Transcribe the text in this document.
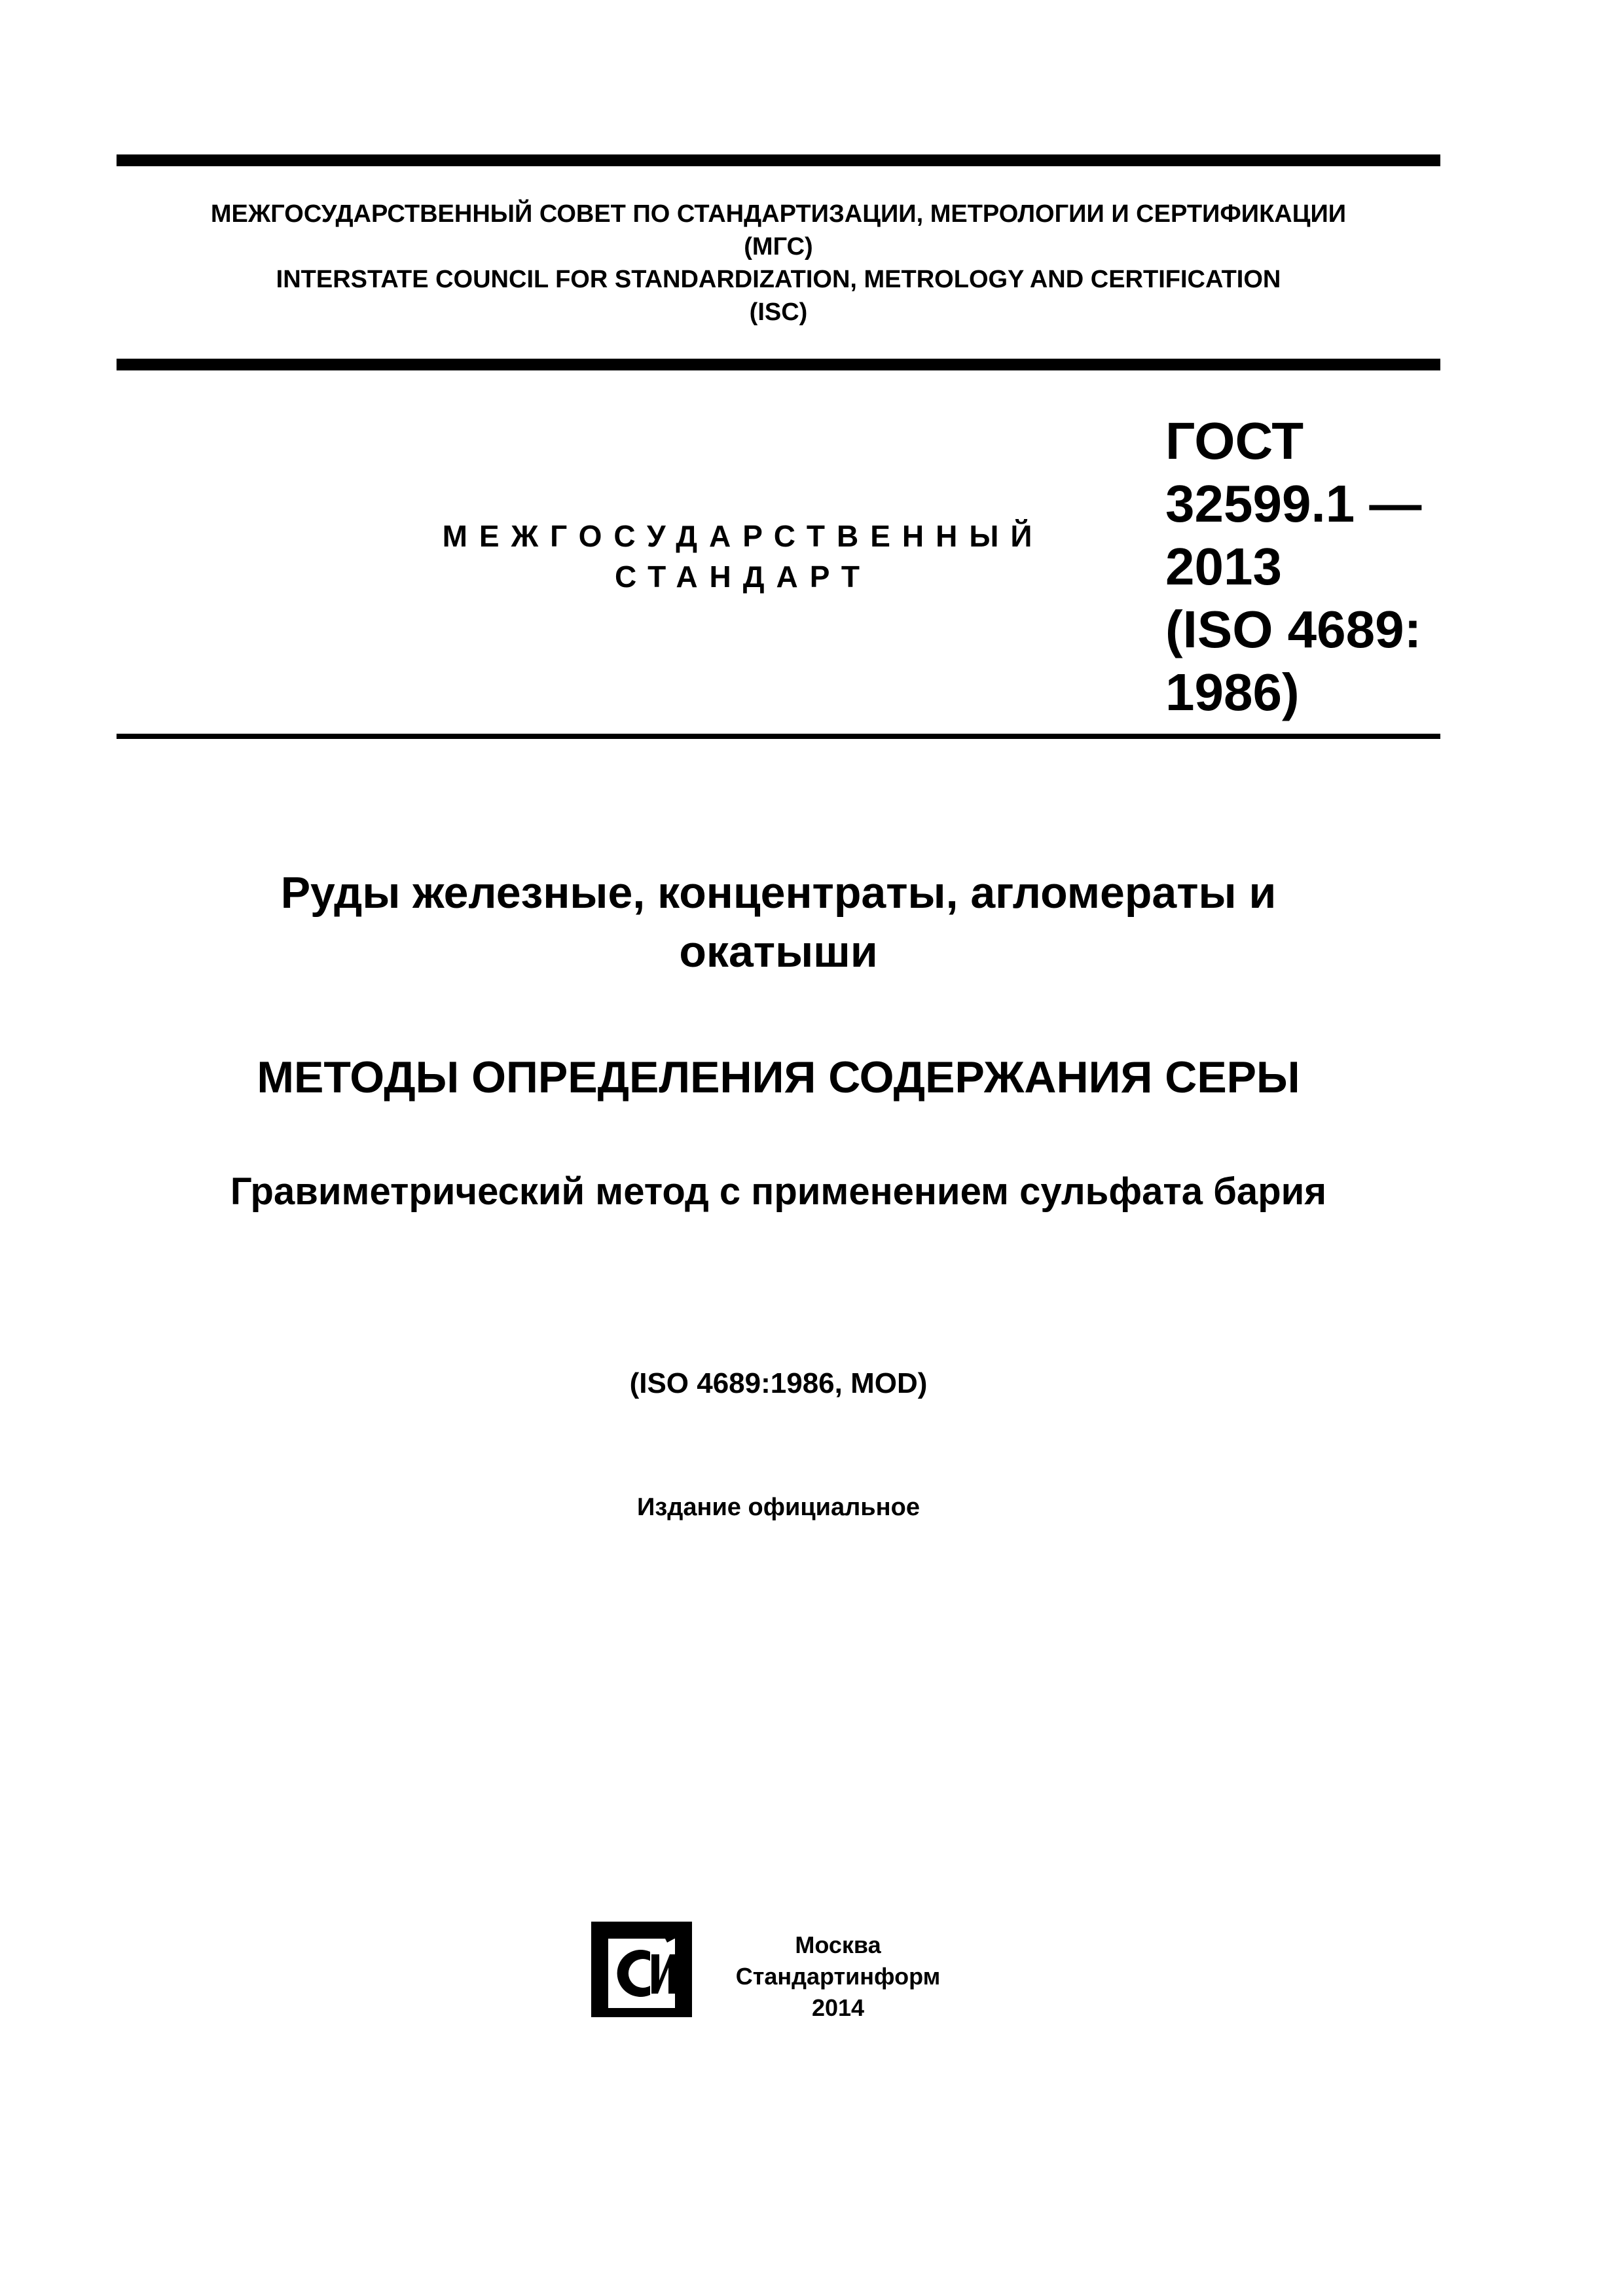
МЕЖГОСУДАРСТВЕННЫЙ СОВЕТ ПО СТАНДАРТИЗАЦИИ, МЕТРОЛОГИИ И СЕРТИФИКАЦИИ
(МГС)
INTERSTATE COUNCIL FOR STANDARDIZATION, METROLOGY AND CERTIFICATION
(ISC)
МЕЖГОСУДАРСТВЕННЫЙ
СТАНДАРТ
ГОСТ
32599.1 —
2013
(ISO 4689:
1986)
Руды железные, концентраты, агломераты и
окатыши
МЕТОДЫ ОПРЕДЕЛЕНИЯ СОДЕРЖАНИЯ СЕРЫ
Гравиметрический метод с применением сульфата бария
(ISO 4689:1986, MOD)
Издание официальное
Москва
Стандартинформ
2014
